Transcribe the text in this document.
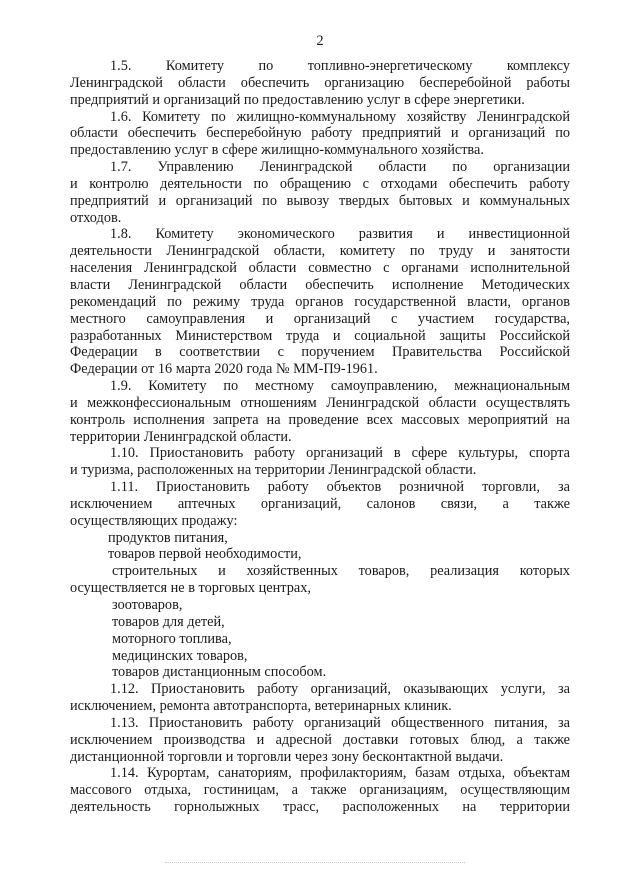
2

1.5. Комитету по топливно-энергетическому комплексу

Ленинградской области обеспечить организацию бесперебойной работы

предприятий и организаций по предоставлению услуг в сфере энергетики.

1.6. Комитету по жилищно-коммунальному хозяйству Ленинградской

области обеспечить бесперебойную работу предприятий и организаций по

предоставлению услуг в сфере жилищно-коммунального хозяйства.

1.7. Управлению Ленинградской области по организации

и контролю деятельности по обращению с отходами обеспечить работу

предприятий и организаций по вывозу твердых бытовых и коммунальных

отходов.

1.8. Комитету экономического развития и инвестиционной

деятельности Ленинградской области, комитету по труду и занятости

населения Ленинградской области совместно с органами исполнительной

власти Ленинградской области обеспечить исполнение Методических

рекомендаций по режиму труда органов государственной власти, органов

местного самоуправления и организаций с участием государства,

разработанных Министерством труда и социальной защиты Российской

Федерации в соответствии с поручением Правительства Российской

Федерации от 16 марта 2020 года № ММ-П9-1961.

1.9. Комитету по местному самоуправлению, межнациональным

и межконфессиональным отношениям Ленинградской области осуществлять

контроль исполнения запрета на проведение всех массовых мероприятий на

территории Ленинградской области.

1.10. Приостановить работу организаций в сфере культуры, спорта

и туризма, расположенных на территории Ленинградской области.

1.11. Приостановить работу объектов розничной торговли, за

исключением аптечных организаций, салонов связи, а также

осуществляющих продажу:

продуктов питания,

товаров первой необходимости,

строительных и хозяйственных товаров, реализация которых

осуществляется не в торговых центрах,

зоотоваров,

товаров для детей,

моторного топлива,

медицинских товаров,

товаров дистанционным способом.

1.12. Приостановить работу организаций, оказывающих услуги, за

исключением, ремонта автотранспорта, ветеринарных клиник.

1.13. Приостановить работу организаций общественного питания, за

исключением производства и адресной доставки готовых блюд, а также

дистанционной торговли и торговли через зону бесконтактной выдачи.

1.14. Курортам, санаториям, профилакториям, базам отдыха, объектам

массового отдыха, гостиницам, а также организациям, осуществляющим

деятельность горнолыжных трасс, расположенных на территории
